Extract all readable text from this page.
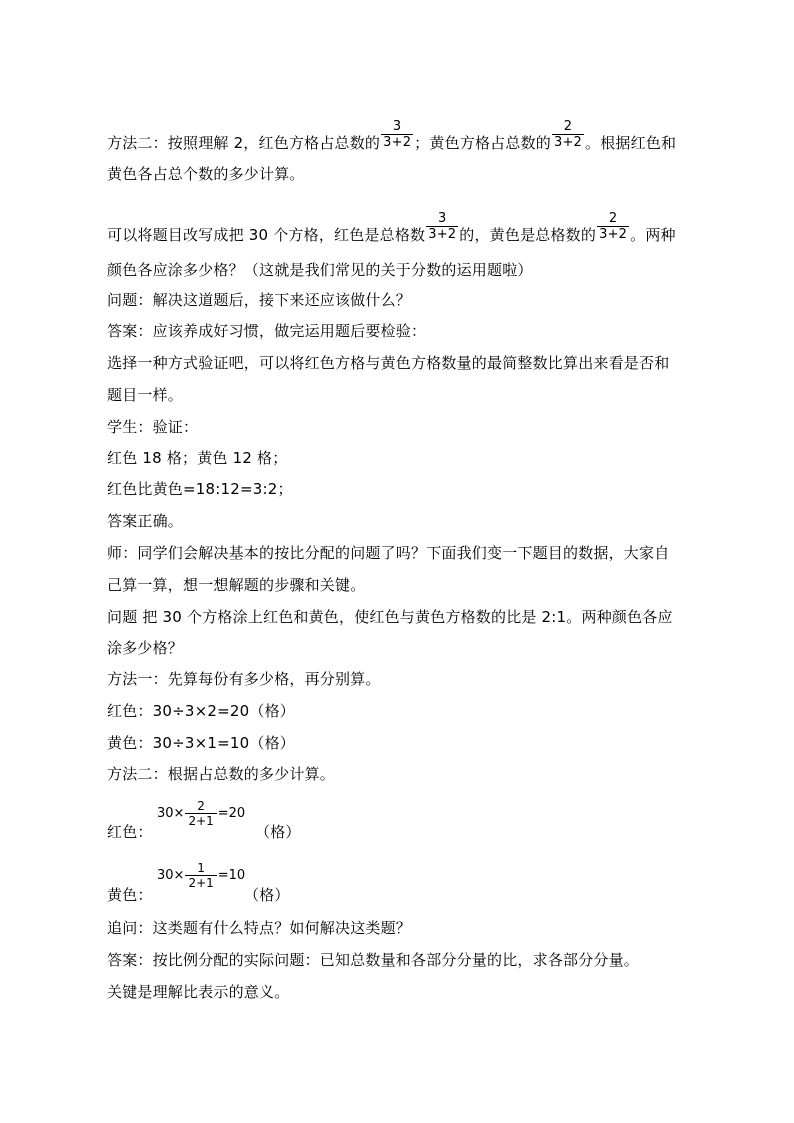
方法二：按照理解 2，红色方格占总数的 $\frac{3}{3+2}$ ；黄色方格占总数的 $\frac{2}{3+2}$ 。根据红色和
黄色各占总个数的多少计算。
可以将题目改写成把 30 个方格，红色是总格数 $\frac{3}{3+2}$ 的，黄色是总格数的 $\frac{2}{3+2}$ 。两种
颜色各应涂多少格？（这就是我们常见的关于分数的运用题啦）
问题：解决这道题后，接下来还应该做什么？
答案：应该养成好习惯，做完运用题后要检验：
选择一种方式验证吧，可以将红色方格与黄色方格数量的最简整数比算出来看是否和
题目一样。
学生：验证：
红色 18 格；黄色 12 格；
红色比黄色=18:12=3:2；
答案正确。
师：同学们会解决基本的按比分配的问题了吗？下面我们变一下题目的数据，大家自
己算一算，想一想解题的步骤和关键。
问题 把 30 个方格涂上红色和黄色，使红色与黄色方格数的比是 2:1。两种颜色各应
涂多少格？
方法一：先算每份有多少格，再分别算。
红色：30÷3×2=20（格）
黄色：30÷3×1=10（格）
方法二：根据占总数的多少计算。
红色：
$30\times \frac{2}{2+1} =20$
（格）
黄色：
$30\times \frac{1}{2+1} =10$
（格）
追问：这类题有什么特点？如何解决这类题？
答案：按比例分配的实际问题：已知总数量和各部分分量的比，求各部分分量。
关键是理解比表示的意义。
